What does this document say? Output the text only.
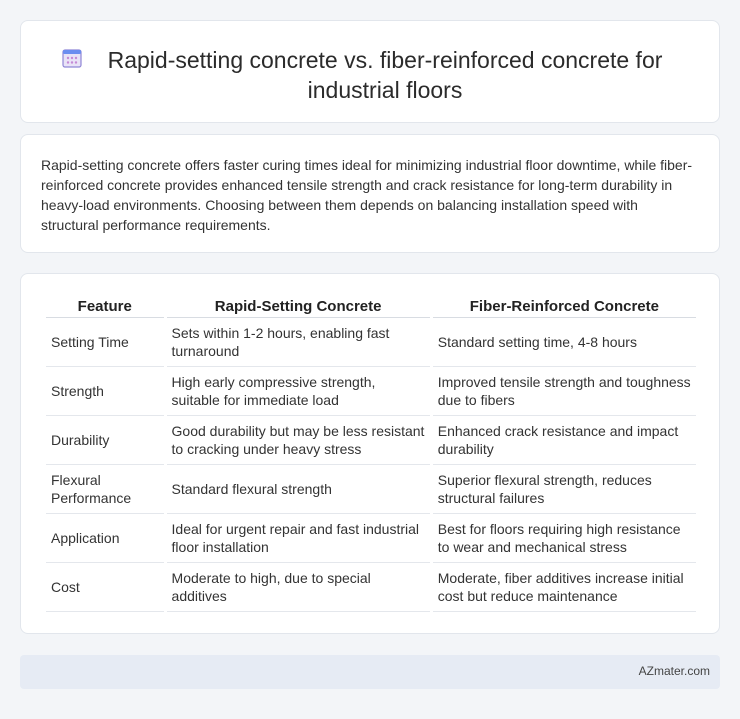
Rapid-setting concrete vs. fiber-reinforced concrete for industrial floors

Rapid-setting concrete offers faster curing times ideal for minimizing industrial floor downtime, while fiber-reinforced concrete provides enhanced tensile strength and crack resistance for long-term durability in heavy-load environments. Choosing between them depends on balancing installation speed with structural performance requirements.

Feature	Rapid-Setting Concrete	Fiber-Reinforced Concrete
Setting Time	Sets within 1-2 hours, enabling fast turnaround	Standard setting time, 4-8 hours
Strength	High early compressive strength, suitable for immediate load	Improved tensile strength and toughness due to fibers
Durability	Good durability but may be less resistant to cracking under heavy stress	Enhanced crack resistance and impact durability
Flexural Performance	Standard flexural strength	Superior flexural strength, reduces structural failures
Application	Ideal for urgent repair and fast industrial floor installation	Best for floors requiring high resistance to wear and mechanical stress
Cost	Moderate to high, due to special additives	Moderate, fiber additives increase initial cost but reduce maintenance
AZmater.com
